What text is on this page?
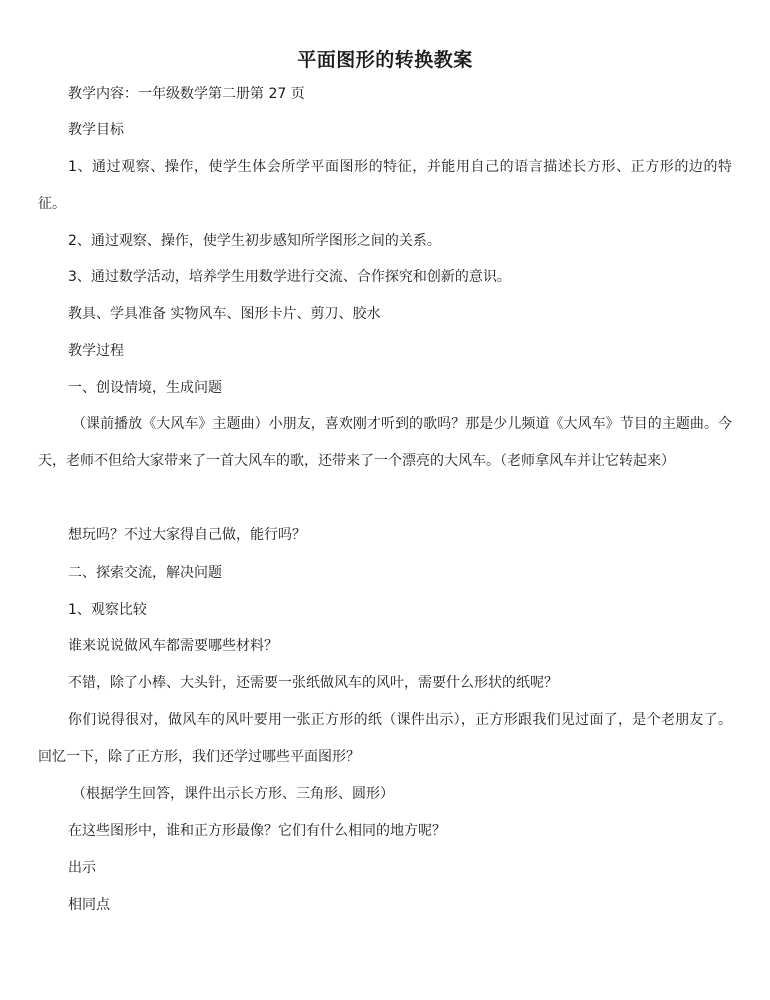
平面图形的转换教案

教学内容：一年级数学第二册第 27 页

教学目标

1、通过观察、操作，使学生体会所学平面图形的特征，并能用自己的语言描述长方形、正方形的边的特征。

2、通过观察、操作，使学生初步感知所学图形之间的关系。

3、通过数学活动，培养学生用数学进行交流、合作探究和创新的意识。

教具、学具准备 实物风车、图形卡片、剪刀、胶水

教学过程

一、创设情境，生成问题

（课前播放《大风车》主题曲）小朋友，喜欢刚才听到的歌吗？那是少儿频道《大风车》节目的主题曲。今天，老师不但给大家带来了一首大风车的歌，还带来了一个漂亮的大风车。（老师拿风车并让它转起来）

想玩吗？不过大家得自己做，能行吗？

二、探索交流，解决问题

1、观察比较

谁来说说做风车都需要哪些材料？

不错，除了小棒、大头针，还需要一张纸做风车的风叶，需要什么形状的纸呢？

你们说得很对，做风车的风叶要用一张正方形的纸（课件出示），正方形跟我们见过面了，是个老朋友了。回忆一下，除了正方形，我们还学过哪些平面图形？

（根据学生回答，课件出示长方形、三角形、圆形）

在这些图形中，谁和正方形最像？它们有什么相同的地方呢？

出示

相同点
